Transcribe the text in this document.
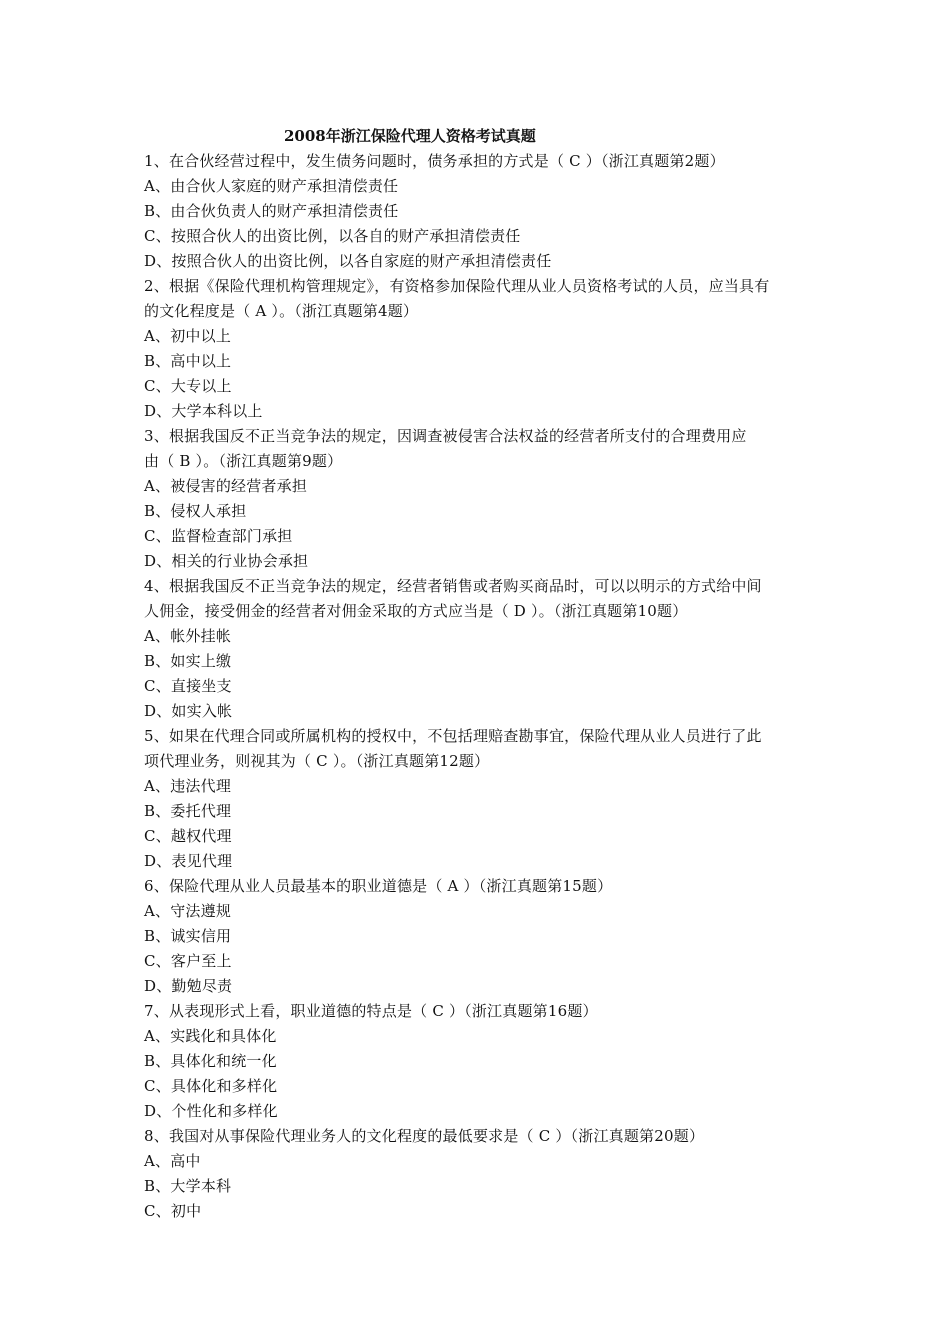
2008年浙江保险代理人资格考试真题
1、在合伙经营过程中，发生债务问题时，债务承担的方式是（ C ）（浙江真题第2题）
A、由合伙人家庭的财产承担清偿责任
B、由合伙负责人的财产承担清偿责任
C、按照合伙人的出资比例，以各自的财产承担清偿责任
D、按照合伙人的出资比例，以各自家庭的财产承担清偿责任
2、根据《保险代理机构管理规定》，有资格参加保险代理从业人员资格考试的人员，应当具有
的文化程度是（ A ）。（浙江真题第4题）
A、初中以上
B、高中以上
C、大专以上
D、大学本科以上
3、根据我国反不正当竞争法的规定，因调查被侵害合法权益的经营者所支付的合理费用应
由（ B ）。（浙江真题第9题）
A、被侵害的经营者承担
B、侵权人承担
C、监督检查部门承担
D、相关的行业协会承担
4、根据我国反不正当竞争法的规定，经营者销售或者购买商品时，可以以明示的方式给中间
人佣金，接受佣金的经营者对佣金采取的方式应当是（ D ）。（浙江真题第10题）
A、帐外挂帐
B、如实上缴
C、直接坐支
D、如实入帐
5、如果在代理合同或所属机构的授权中，不包括理赔查勘事宜，保险代理从业人员进行了此
项代理业务，则视其为（ C ）。（浙江真题第12题）
A、违法代理
B、委托代理
C、越权代理
D、表见代理
6、保险代理从业人员最基本的职业道德是（ A ）（浙江真题第15题）
A、守法遵规
B、诚实信用
C、客户至上
D、勤勉尽责
7、从表现形式上看，职业道德的特点是（ C ）（浙江真题第16题）
A、实践化和具体化
B、具体化和统一化
C、具体化和多样化
D、个性化和多样化
8、我国对从事保险代理业务人的文化程度的最低要求是（ C ）（浙江真题第20题）
A、高中
B、大学本科
C、初中
